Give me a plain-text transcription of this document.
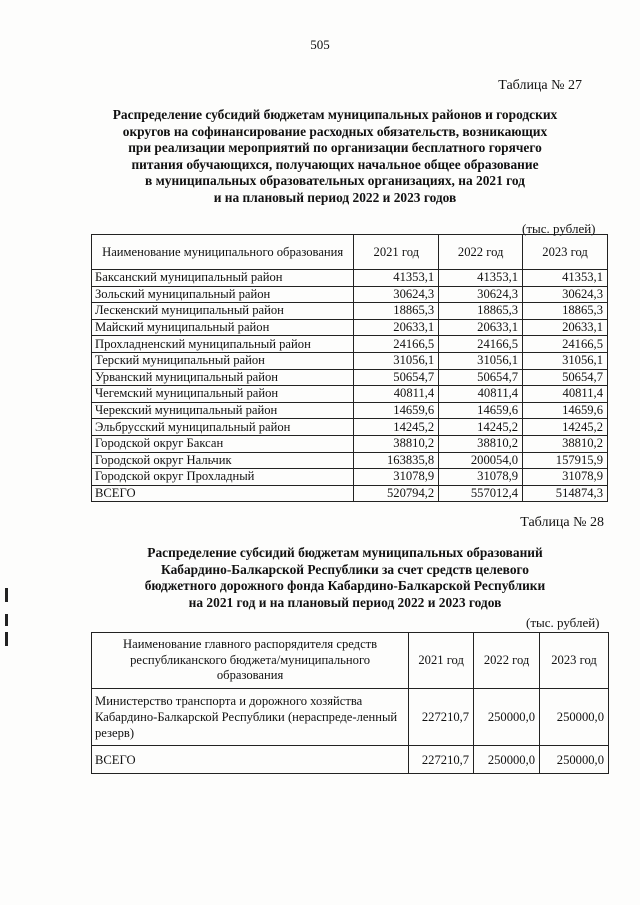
505
Таблица № 27
Распределение субсидий бюджетам муниципальных районов и городских
округов на софинансирование расходных обязательств, возникающих
при реализации мероприятий по организации бесплатного горячего
питания обучающихся, получающих начальное общее образование
в муниципальных образовательных организациях, на 2021 год
и на плановый период 2022 и 2023 годов
(тыс. рублей)
Наименование муниципального образования	2021 год	2022 год	2023 год
Баксанский муниципальный район	41353,1	41353,1	41353,1
Зольский муниципальный район	30624,3	30624,3	30624,3
Лескенский муниципальный район	18865,3	18865,3	18865,3
Майский муниципальный район	20633,1	20633,1	20633,1
Прохладненский муниципальный район	24166,5	24166,5	24166,5
Терский муниципальный район	31056,1	31056,1	31056,1
Урванский муниципальный район	50654,7	50654,7	50654,7
Чегемский муниципальный район	40811,4	40811,4	40811,4
Черекский муниципальный район	14659,6	14659,6	14659,6
Эльбрусский муниципальный район	14245,2	14245,2	14245,2
Городской округ Баксан	38810,2	38810,2	38810,2
Городской округ Нальчик	163835,8	200054,0	157915,9
Городской округ Прохладный	31078,9	31078,9	31078,9
ВСЕГО	520794,2	557012,4	514874,3
Таблица № 28
Распределение субсидий бюджетам муниципальных образований
Кабардино-Балкарской Республики за счет средств целевого
бюджетного дорожного фонда Кабардино-Балкарской Республики
на 2021 год и на плановый период 2022 и 2023 годов
(тыс. рублей)
Наименование главного распорядителя средств республиканского бюджета/муниципального образования	2021 год	2022 год	2023 год
Министерство транспорта и дорожного хозяйства Кабардино-Балкарской Республики (нераспреде-ленный резерв)	227210,7	250000,0	250000,0
ВСЕГО	227210,7	250000,0	250000,0
